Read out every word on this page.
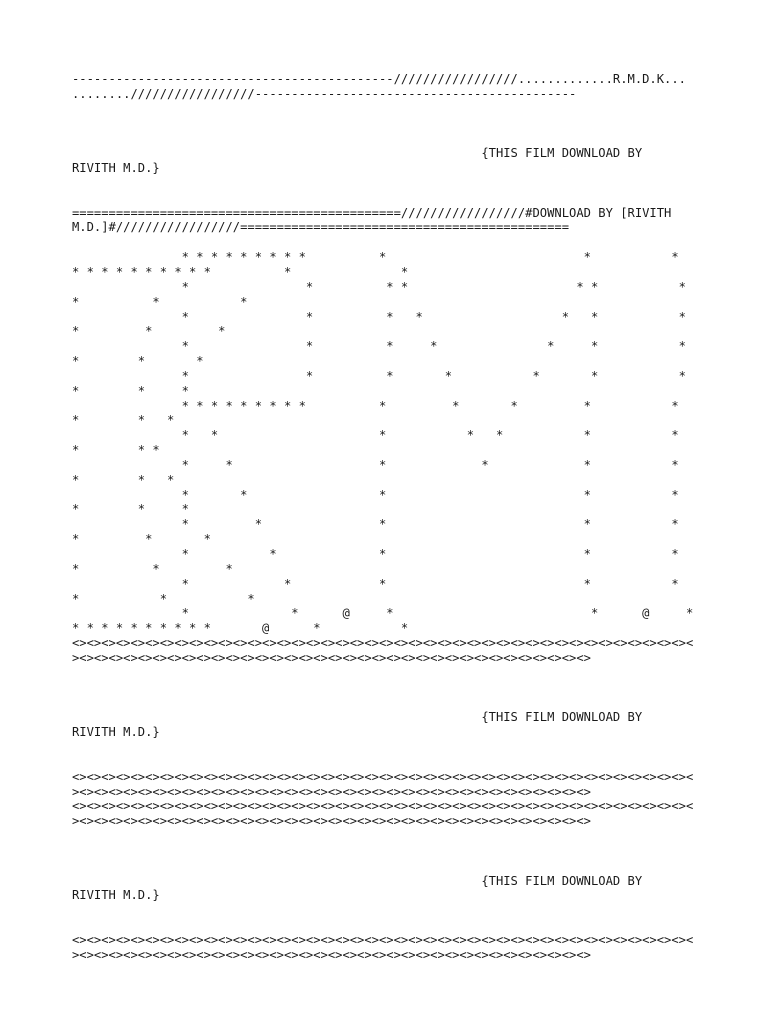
--------------------------------------------/////////////////.............R.M.D.K...
......../////////////////--------------------------------------------
{THIS FILM DOWNLOAD BY
RIVITH M.D.}
=============================================/////////////////#DOWNLOAD BY [RIVITH
M.D.]#/////////////////=============================================
* * * * * * * * *          *                           *           *
* * * * * * * * * *          *               *
*                *          * *                       * *           *
*          *           *
*                *          *   *                   *   *           *
*         *         *
*                *          *     *               *     *           *
*        *       *
*                *          *       *           *       *           *
*        *     *
* * * * * * * * *          *         *       *         *           *
*        *   *
*   *                      *           *   *           *           *
*        * *
*     *                    *             *             *           *
*        *   *
*       *                  *                           *           *
*        *     *
*         *                *                           *           *
*         *       *
*           *              *                           *           *
*          *         *
*             *            *                           *           *
*           *           *
*              *      @     *                           *      @     *
* * * * * * * * * *       @      *           *
<><><><><><><><><><><><><><><><><><><><><><><><><><><><><><><><><><><><><><><><><><><
><><><><><><><><><><><><><><><><><><><><><><><><><><><><><><><><><><><>
{THIS FILM DOWNLOAD BY
RIVITH M.D.}
<><><><><><><><><><><><><><><><><><><><><><><><><><><><><><><><><><><><><><><><><><><
><><><><><><><><><><><><><><><><><><><><><><><><><><><><><><><><><><><>
<><><><><><><><><><><><><><><><><><><><><><><><><><><><><><><><><><><><><><><><><><><
><><><><><><><><><><><><><><><><><><><><><><><><><><><><><><><><><><><>
{THIS FILM DOWNLOAD BY
RIVITH M.D.}
<><><><><><><><><><><><><><><><><><><><><><><><><><><><><><><><><><><><><><><><><><><
><><><><><><><><><><><><><><><><><><><><><><><><><><><><><><><><><><><>
